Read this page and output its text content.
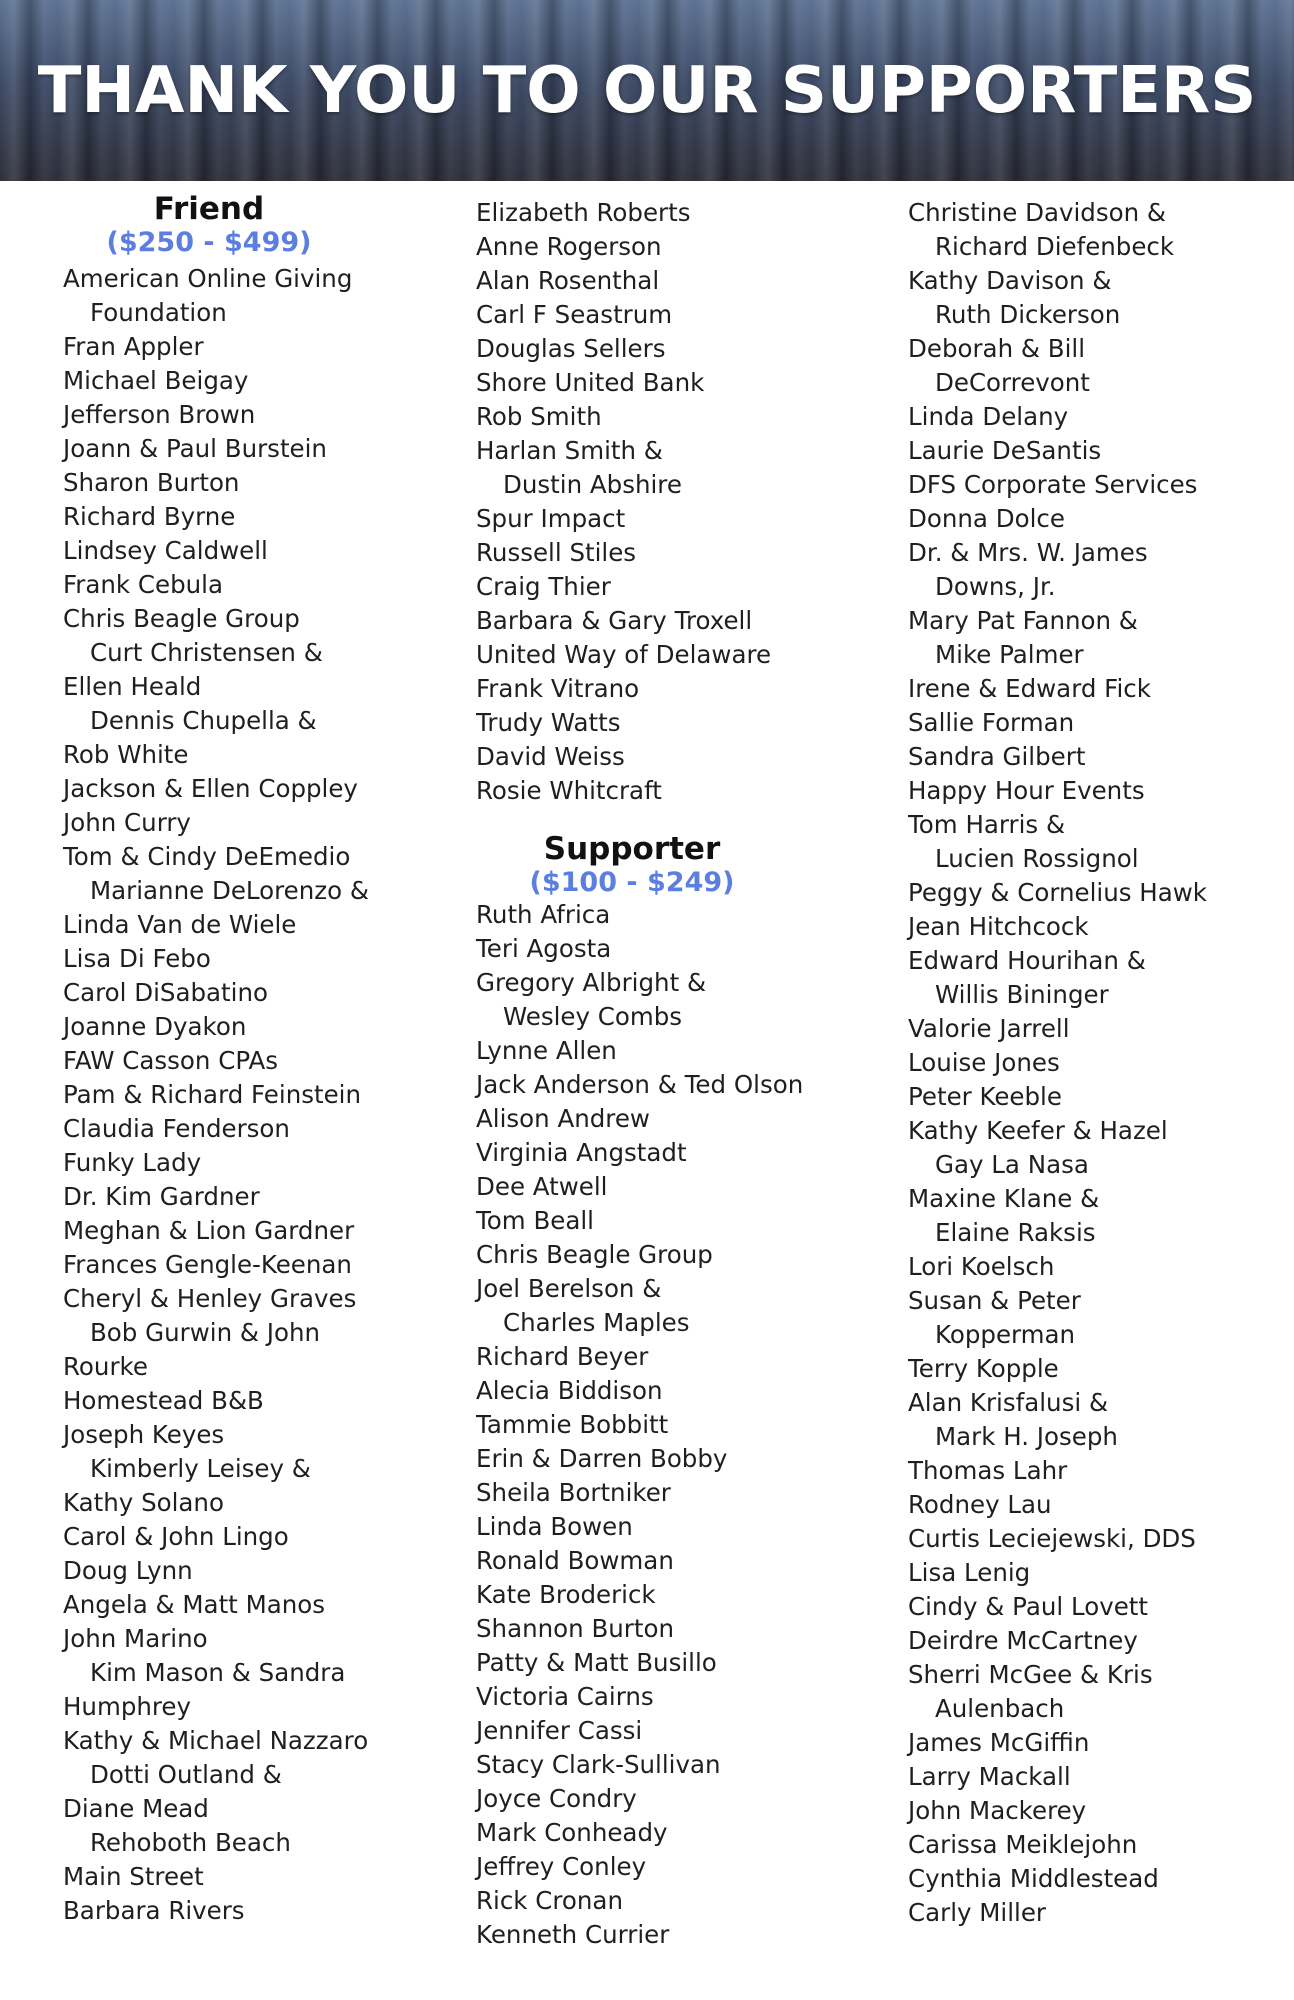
THANK YOU TO OUR SUPPORTERS
Friend
($250 - $499)
American Online Giving
Foundation
Fran Appler
Michael Beigay
Jefferson Brown
Joann & Paul Burstein
Sharon Burton
Richard Byrne
Lindsey Caldwell
Frank Cebula
Chris Beagle Group
Curt Christensen &
Ellen Heald
Dennis Chupella &
Rob White
Jackson & Ellen Coppley
John Curry
Tom & Cindy DeEmedio
Marianne DeLorenzo &
Linda Van de Wiele
Lisa Di Febo
Carol DiSabatino
Joanne Dyakon
FAW Casson CPAs
Pam & Richard Feinstein
Claudia Fenderson
Funky Lady
Dr. Kim Gardner
Meghan & Lion Gardner
Frances Gengle-Keenan
Cheryl & Henley Graves
Bob Gurwin & John
Rourke
Homestead B&B
Joseph Keyes
Kimberly Leisey &
Kathy Solano
Carol & John Lingo
Doug Lynn
Angela & Matt Manos
John Marino
Kim Mason & Sandra
Humphrey
Kathy & Michael Nazzaro
Dotti Outland &
Diane Mead
Rehoboth Beach
Main Street
Barbara Rivers
Elizabeth Roberts
Anne Rogerson
Alan Rosenthal
Carl F Seastrum
Douglas Sellers
Shore United Bank
Rob Smith
Harlan Smith &
Dustin Abshire
Spur Impact
Russell Stiles
Craig Thier
Barbara & Gary Troxell
United Way of Delaware
Frank Vitrano
Trudy Watts
David Weiss
Rosie Whitcraft
Supporter
($100 - $249)
Ruth Africa
Teri Agosta
Gregory Albright &
Wesley Combs
Lynne Allen
Jack Anderson & Ted Olson
Alison Andrew
Virginia Angstadt
Dee Atwell
Tom Beall
Chris Beagle Group
Joel Berelson &
Charles Maples
Richard Beyer
Alecia Biddison
Tammie Bobbitt
Erin & Darren Bobby
Sheila Bortniker
Linda Bowen
Ronald Bowman
Kate Broderick
Shannon Burton
Patty & Matt Busillo
Victoria Cairns
Jennifer Cassi
Stacy Clark-Sullivan
Joyce Condry
Mark Conheady
Jeffrey Conley
Rick Cronan
Kenneth Currier
Christine Davidson &
Richard Diefenbeck
Kathy Davison &
Ruth Dickerson
Deborah & Bill
DeCorrevont
Linda Delany
Laurie DeSantis
DFS Corporate Services
Donna Dolce
Dr. & Mrs. W. James
Downs, Jr.
Mary Pat Fannon &
Mike Palmer
Irene & Edward Fick
Sallie Forman
Sandra Gilbert
Happy Hour Events
Tom Harris &
Lucien Rossignol
Peggy & Cornelius Hawk
Jean Hitchcock
Edward Hourihan &
Willis Bininger
Valorie Jarrell
Louise Jones
Peter Keeble
Kathy Keefer & Hazel
Gay La Nasa
Maxine Klane &
Elaine Raksis
Lori Koelsch
Susan & Peter
Kopperman
Terry Kopple
Alan Krisfalusi &
Mark H. Joseph
Thomas Lahr
Rodney Lau
Curtis Leciejewski, DDS
Lisa Lenig
Cindy & Paul Lovett
Deirdre McCartney
Sherri McGee & Kris
Aulenbach
James McGiffin
Larry Mackall
John Mackerey
Carissa Meiklejohn
Cynthia Middlestead
Carly Miller
